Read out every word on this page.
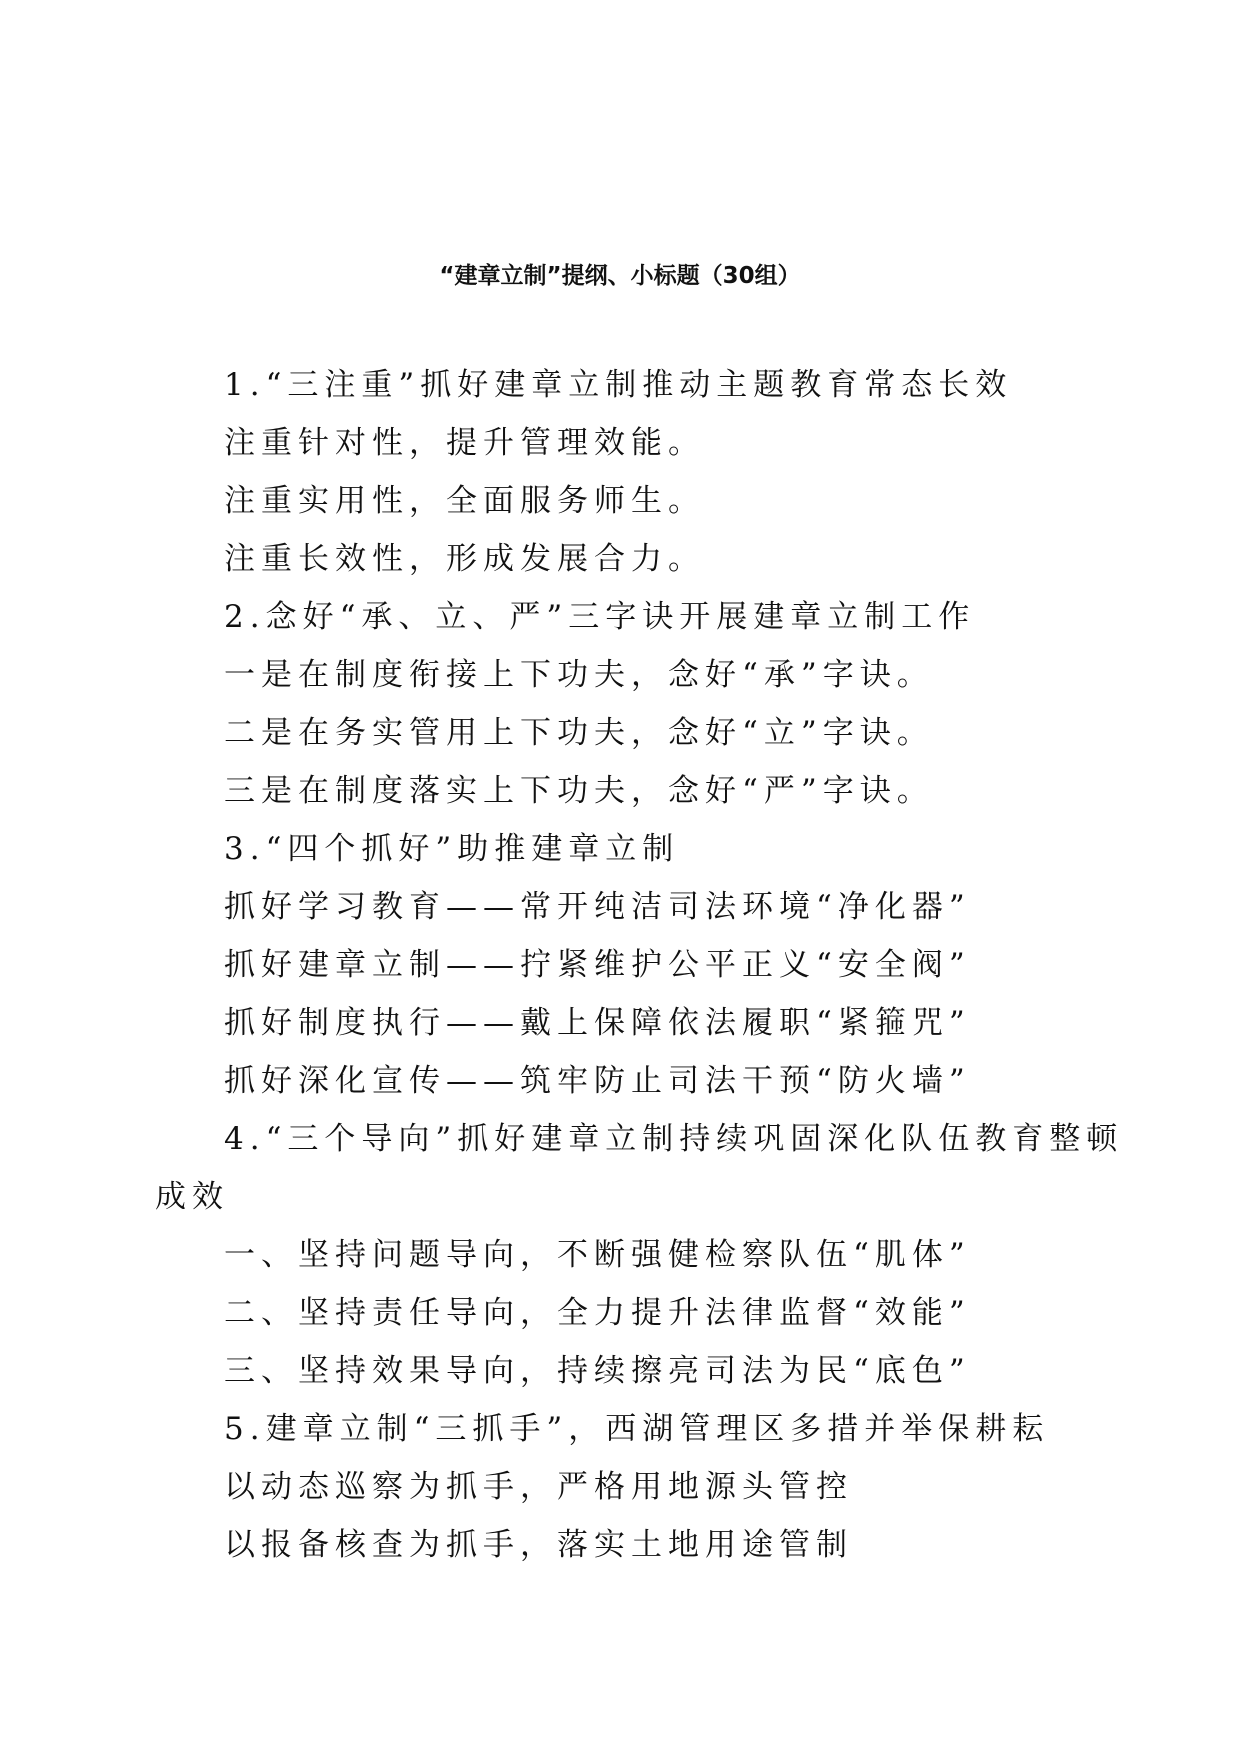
“建章立制”提纲、小标题（30组）
1.“三注重”抓好建章立制推动主题教育常态长效
注重针对性，提升管理效能。
注重实用性，全面服务师生。
注重长效性，形成发展合力。
2.念好“承、立、严”三字诀开展建章立制工作
一是在制度衔接上下功夫，念好“承”字诀。
二是在务实管用上下功夫，念好“立”字诀。
三是在制度落实上下功夫，念好“严”字诀。
3.“四个抓好”助推建章立制
抓好学习教育——常开纯洁司法环境“净化器”
抓好建章立制——拧紧维护公平正义“安全阀”
抓好制度执行——戴上保障依法履职“紧箍咒”
抓好深化宣传——筑牢防止司法干预“防火墙”
4.“三个导向”抓好建章立制持续巩固深化队伍教育整顿
成效
一、坚持问题导向，不断强健检察队伍“肌体”
二、坚持责任导向，全力提升法律监督“效能”
三、坚持效果导向，持续擦亮司法为民“底色”
5.建章立制“三抓手”，西湖管理区多措并举保耕耘
以动态巡察为抓手，严格用地源头管控
以报备核查为抓手，落实土地用途管制
